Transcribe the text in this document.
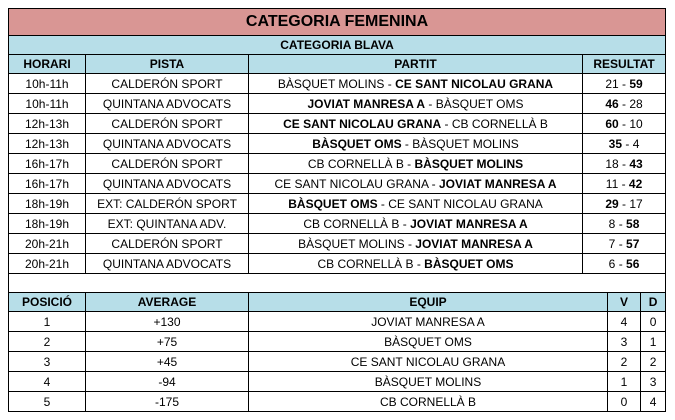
CATEGORIA FEMENINA					
CATEGORIA BLAVA					
HORARI	PISTA	PARTIT	RESULTAT		
10h-11h	CALDERÓN SPORT	BÀSQUET MOLINS - CE SANT NICOLAU GRANA	21 - 59		
10h-11h	QUINTANA ADVOCATS	JOVIAT MANRESA A - BÀSQUET OMS	46 - 28		
12h-13h	CALDERÓN SPORT	CE SANT NICOLAU GRANA - CB CORNELLÀ B	60 - 10		
12h-13h	QUINTANA ADVOCATS	BÀSQUET OMS - BÀSQUET MOLINS	35 - 4		
16h-17h	CALDERÓN SPORT	CB CORNELLÀ B - BÀSQUET MOLINS	18 - 43		
16h-17h	QUINTANA ADVOCATS	CE SANT NICOLAU GRANA - JOVIAT MANRESA A	11 - 42		
18h-19h	EXT: CALDERÓN SPORT	BÀSQUET OMS - CE SANT NICOLAU GRANA	29 - 17		
18h-19h	EXT: QUINTANA ADV.	CB CORNELLÀ B - JOVIAT MANRESA A	8 - 58		
20h-21h	CALDERÓN SPORT	BÀSQUET MOLINS - JOVIAT MANRESA A	7 - 57		
20h-21h	QUINTANA ADVOCATS	CB CORNELLÀ B - BÀSQUET OMS	6 - 56		

POSICIÓ	AVERAGE	EQUIP		V	D
1	+130	JOVIAT MANRESA A		4	0
2	+75	BÀSQUET OMS		3	1
3	+45	CE SANT NICOLAU GRANA		2	2
4	-94	BÀSQUET MOLINS		1	3
5	-175	CB CORNELLÀ B		0	4
